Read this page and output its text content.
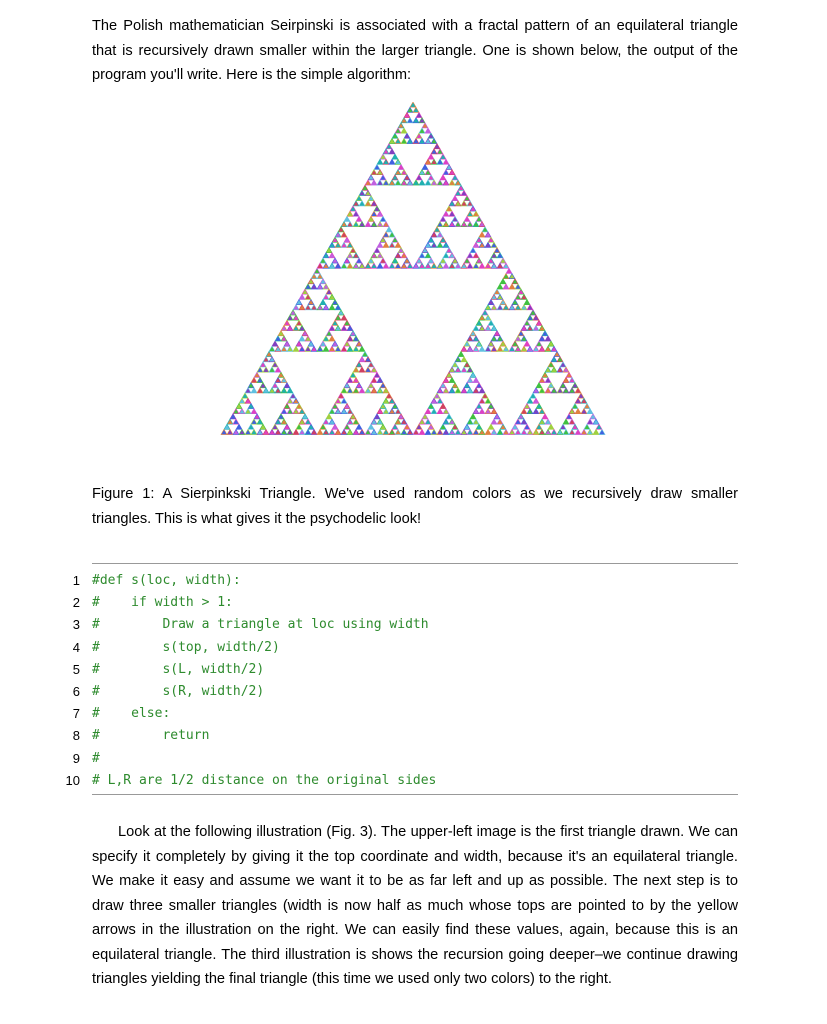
The Polish mathematician Seirpinski is associated with a fractal pattern of an equilateral triangle that is recursively drawn smaller within the larger triangle. One is shown below, the output of the program you'll write. Here is the simple algorithm:

Figure 1: A Sierpinkski Triangle. We've used random colors as we recursively draw smaller triangles. This is what gives it the psychodelic look!

1 #def s(loc, width):
2 #    if width > 1:
3 #        Draw a triangle at loc using width
4 #        s(top, width/2)
5 #        s(L, width/2)
6 #        s(R, width/2)
7 #    else:
8 #        return
9 #
10 # L,R are 1/2 distance on the original sides

Look at the following illustration (Fig. 3). The upper-left image is the first triangle drawn. We can specify it completely by giving it the top coordinate and width, because it's an equilateral triangle. We make it easy and assume we want it to be as far left and up as possible. The next step is to draw three smaller triangles (width is now half as much whose tops are pointed to by the yellow arrows in the illustration on the right. We can easily find these values, again, because this is an equilateral triangle. The third illustration is shows the recursion going deeper–we continue drawing triangles yielding the final triangle (this time we used only two colors) to the right.
